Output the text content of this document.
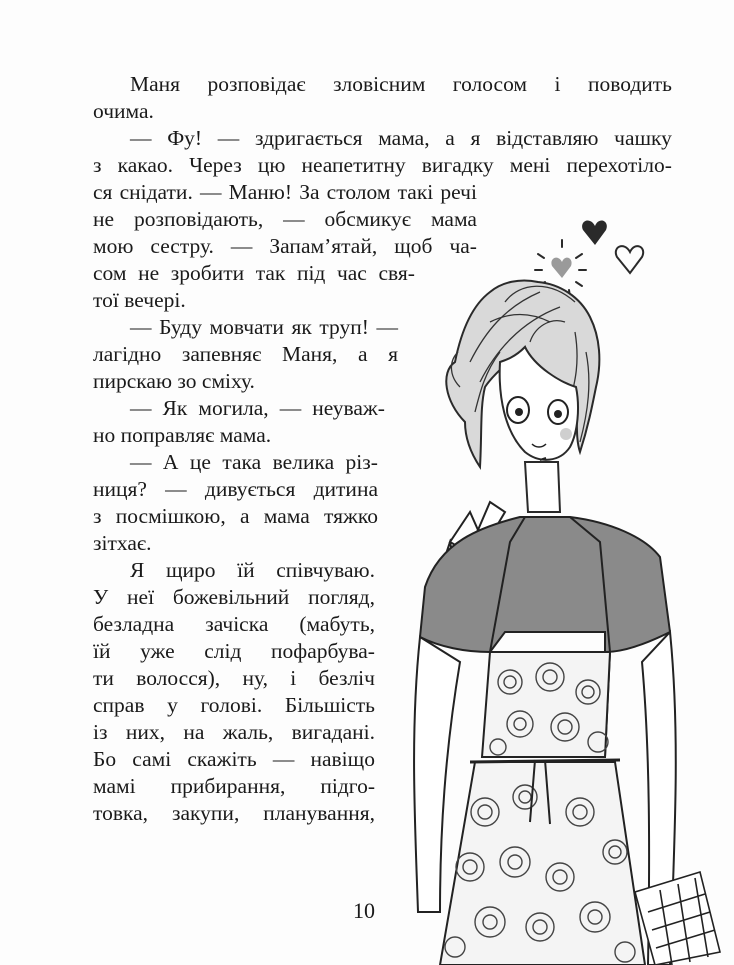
Маня розповідає зловісним голосом і поводить
очима.
— Фу! — здригається мама, а я відставляю чашку
з какао. Через цю неапетитну вигадку мені перехотіло-
ся снідати. — Маню! За столом такі речі
не розповідають, — обсмикує мама
мою сестру. — Запам’ятай, щоб ча-
сом не зробити так під час свя-
тої вечері.
— Буду мовчати як труп! —
лагідно запевняє Маня, а я
пирскаю зо сміху.
— Як могила, — неуваж-
но поправляє мама.
— А це така велика різ-
ниця? — дивується дитина
з посмішкою, а мама тяжко
зітхає.
Я щиро їй співчуваю.
У неї божевільний погляд,
безладна зачіска (мабуть,
їй уже слід пофарбува-
ти волосся), ну, і безліч
справ у голові. Більшість
із них, на жаль, вигадані.
Бо самі скажіть — навіщо
мамі прибирання, підго-
товка, закупи, планування,
10
